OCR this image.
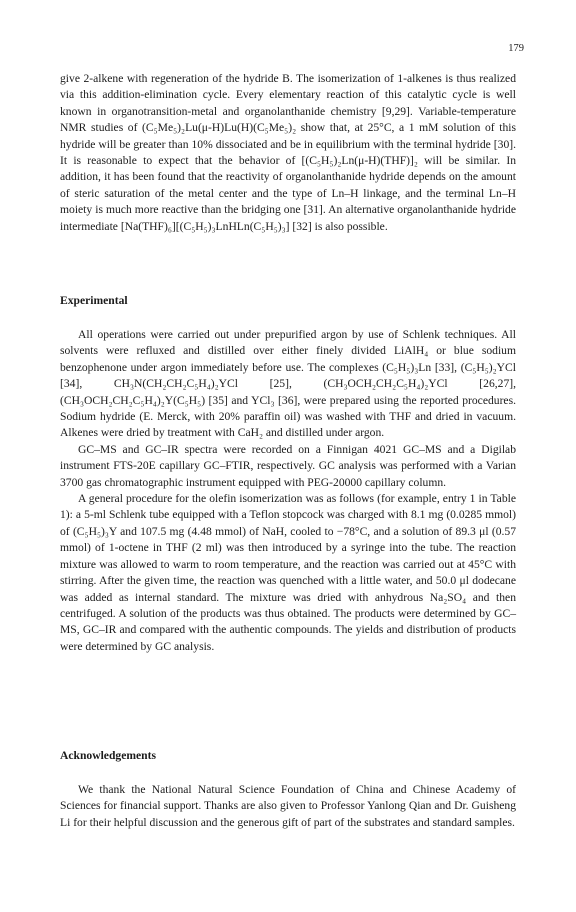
179

give 2-alkene with regeneration of the hydride B. The isomerization of 1-alkenes is thus realized via this addition-elimination cycle. Every elementary reaction of this catalytic cycle is well known in organotransition-metal and organolanthanide chemistry [9,29]. Variable-temperature NMR studies of (C₅Me₅)₂Lu(μ-H)Lu(H)(C₅Me₅)₂ show that, at 25°C, a 1 mM solution of this hydride will be greater than 10% dissociated and be in equilibrium with the terminal hydride [30]. It is reasonable to expect that the behavior of [(C₅H₅)₂Ln(μ-H)(THF)]₂ will be similar. In addition, it has been found that the reactivity of organolanthanide hydride depends on the amount of steric saturation of the metal center and the type of Ln–H linkage, and the terminal Ln–H moiety is much more reactive than the bridging one [31]. An alternative organolanthanide hydride intermediate [Na(THF)₆][(C₅H₅)₃LnHLn(C₅H₅)₃] [32] is also possible.

Experimental

All operations were carried out under prepurified argon by use of Schlenk techniques. All solvents were refluxed and distilled over either finely divided LiAlH₄ or blue sodium benzophenone under argon immediately before use. The complexes (C₅H₅)₃Ln [33], (C₅H₅)₂YCl [34], CH₃N(CH₂CH₂C₅H₄)₂YCl [25], (CH₃OCH₂CH₂C₅H₄)₂YCl [26,27], (CH₃OCH₂CH₂C₅H₄)₂Y(C₅H₅) [35] and YCl₃ [36], were prepared using the reported procedures. Sodium hydride (E. Merck, with 20% paraffin oil) was washed with THF and dried in vacuum. Alkenes were dried by treatment with CaH₂ and distilled under argon.

GC–MS and GC–IR spectra were recorded on a Finnigan 4021 GC–MS and a Digilab instrument FTS-20E capillary GC–FTIR, respectively. GC analysis was performed with a Varian 3700 gas chromatographic instrument equipped with PEG-20000 capillary column.

A general procedure for the olefin isomerization was as follows (for example, entry 1 in Table 1): a 5-ml Schlenk tube equipped with a Teflon stopcock was charged with 8.1 mg (0.0285 mmol) of (C₅H₅)₃Y and 107.5 mg (4.48 mmol) of NaH, cooled to −78°C, and a solution of 89.3 μl (0.57 mmol) of 1-octene in THF (2 ml) was then introduced by a syringe into the tube. The reaction mixture was allowed to warm to room temperature, and the reaction was carried out at 45°C with stirring. After the given time, the reaction was quenched with a little water, and 50.0 μl dodecane was added as internal standard. The mixture was dried with anhydrous Na₂SO₄ and then centrifuged. A solution of the products was thus obtained. The products were determined by GC–MS, GC–IR and compared with the authentic compounds. The yields and distribution of products were determined by GC analysis.

Acknowledgements

We thank the National Natural Science Foundation of China and Chinese Academy of Sciences for financial support. Thanks are also given to Professor Yanlong Qian and Dr. Guisheng Li for their helpful discussion and the generous gift of part of the substrates and standard samples.
